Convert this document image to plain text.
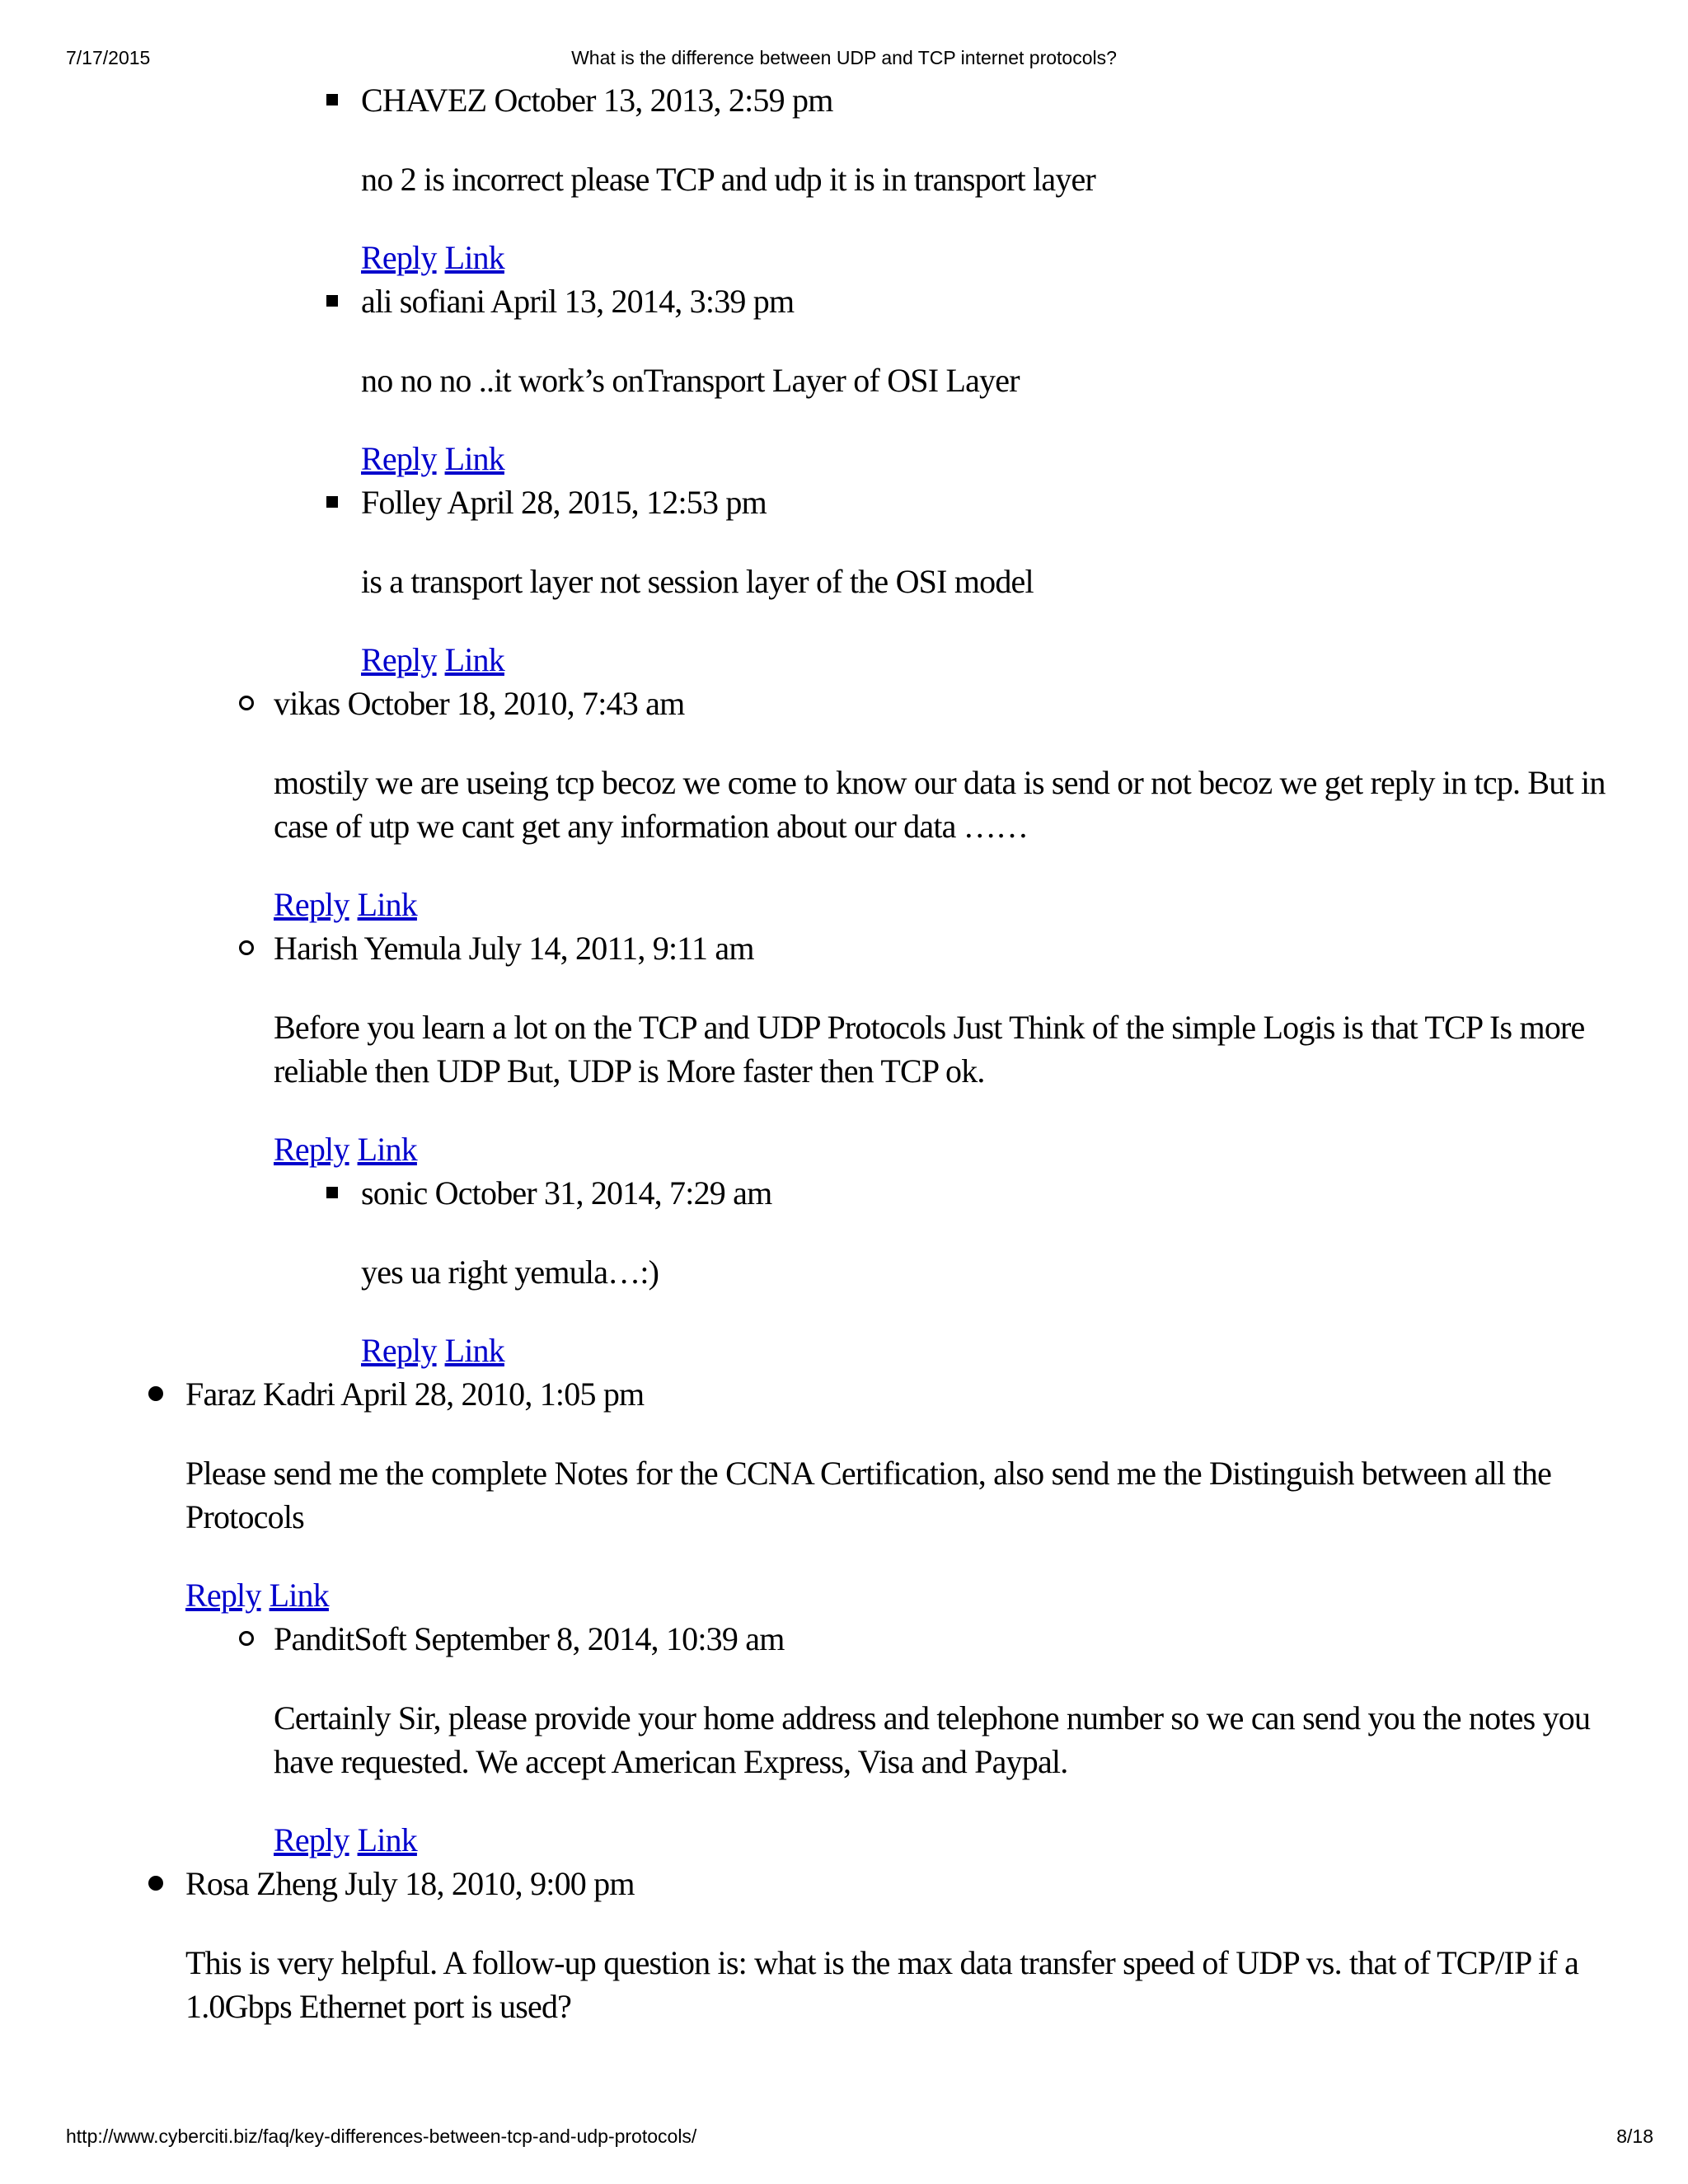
7/17/2015	What is the difference between UDP and TCP internet protocols?
CHAVEZ October 13, 2013, 2:59 pm
no 2 is incorrect please TCP and udp it is in transport layer
Reply Link
ali sofiani April 13, 2014, 3:39 pm
no no no ..it work’s onTransport Layer of OSI Layer
Reply Link
Folley April 28, 2015, 12:53 pm
is a transport layer not session layer of the OSI model
Reply Link
vikas October 18, 2010, 7:43 am
mostily we are useing tcp becoz we come to know our data is send or not becoz we get reply in tcp. But in case of utp we cant get any information about our data ……
Reply Link
Harish Yemula July 14, 2011, 9:11 am
Before you learn a lot on the TCP and UDP Protocols Just Think of the simple Logis is that TCP Is more reliable then UDP But, UDP is More faster then TCP ok.
Reply Link
sonic October 31, 2014, 7:29 am
yes ua right yemula…:)
Reply Link
Faraz Kadri April 28, 2010, 1:05 pm
Please send me the complete Notes for the CCNA Certification, also send me the Distinguish between all the Protocols
Reply Link
PanditSoft September 8, 2014, 10:39 am
Certainly Sir, please provide your home address and telephone number so we can send you the notes you have requested. We accept American Express, Visa and Paypal.
Reply Link
Rosa Zheng July 18, 2010, 9:00 pm
This is very helpful. A follow-up question is: what is the max data transfer speed of UDP vs. that of TCP/IP if a 1.0Gbps Ethernet port is used?
http://www.cyberciti.biz/faq/key-differences-between-tcp-and-udp-protocols/	8/18
